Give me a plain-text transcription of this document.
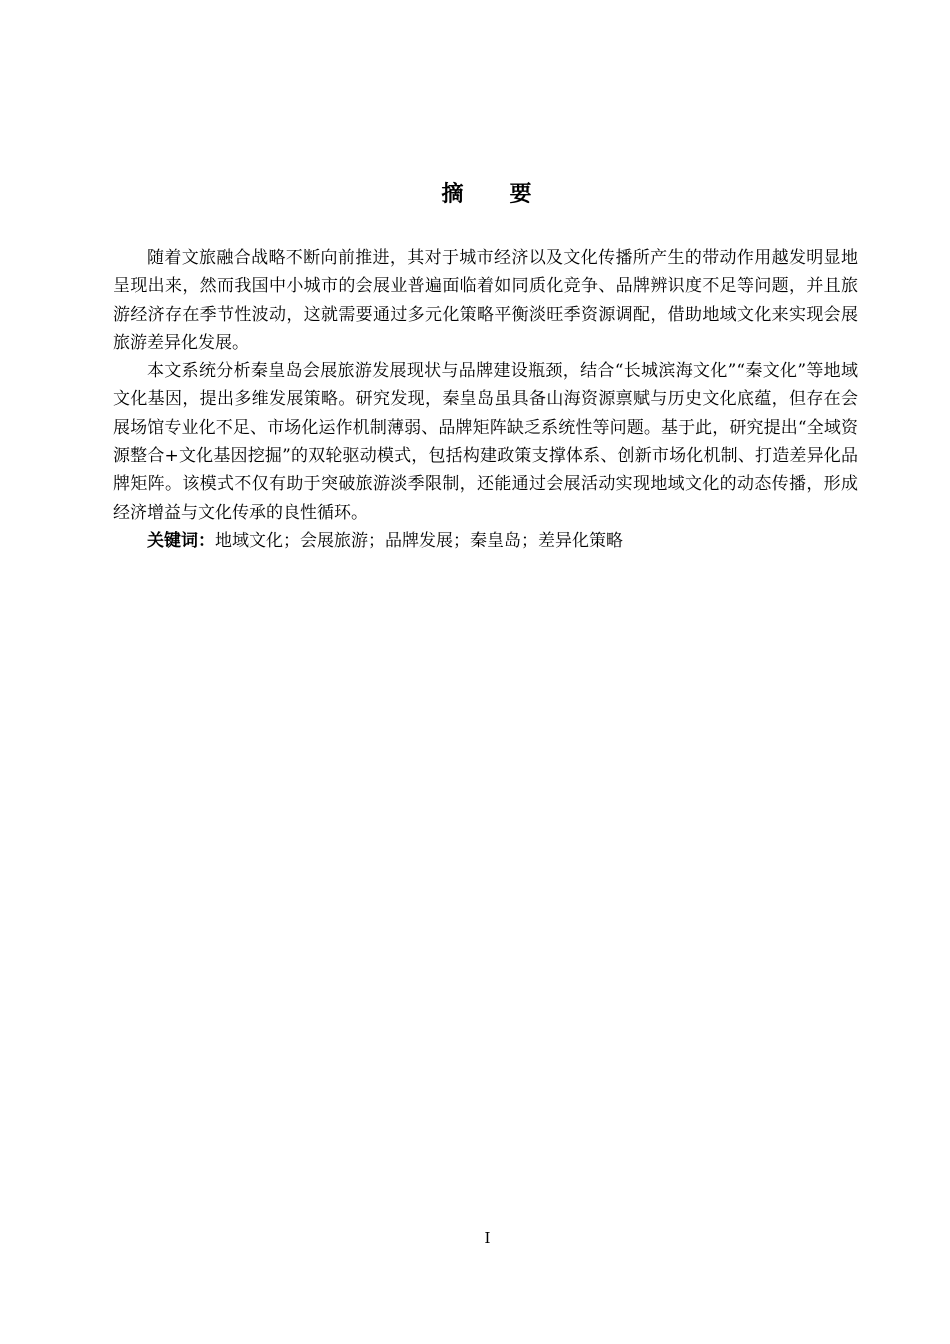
摘 要

随着文旅融合战略不断向前推进，其对于城市经济以及文化传播所产生的带动作用越发明显地呈现出来，然而我国中小城市的会展业普遍面临着如同质化竞争、品牌辨识度不足等问题，并且旅游经济存在季节性波动，这就需要通过多元化策略平衡淡旺季资源调配，借助地域文化来实现会展旅游差异化发展。

本文系统分析秦皇岛会展旅游发展现状与品牌建设瓶颈，结合“长城滨海文化”“秦文化”等地域文化基因，提出多维发展策略。研究发现，秦皇岛虽具备山海资源禀赋与历史文化底蕴，但存在会展场馆专业化不足、市场化运作机制薄弱、品牌矩阵缺乏系统性等问题。基于此，研究提出“全域资源整合+文化基因挖掘”的双轮驱动模式，包括构建政策支撑体系、创新市场化机制、打造差异化品牌矩阵。该模式不仅有助于突破旅游淡季限制，还能通过会展活动实现地域文化的动态传播，形成经济增益与文化传承的良性循环。

关键词：地域文化；会展旅游；品牌发展；秦皇岛；差异化策略

I
